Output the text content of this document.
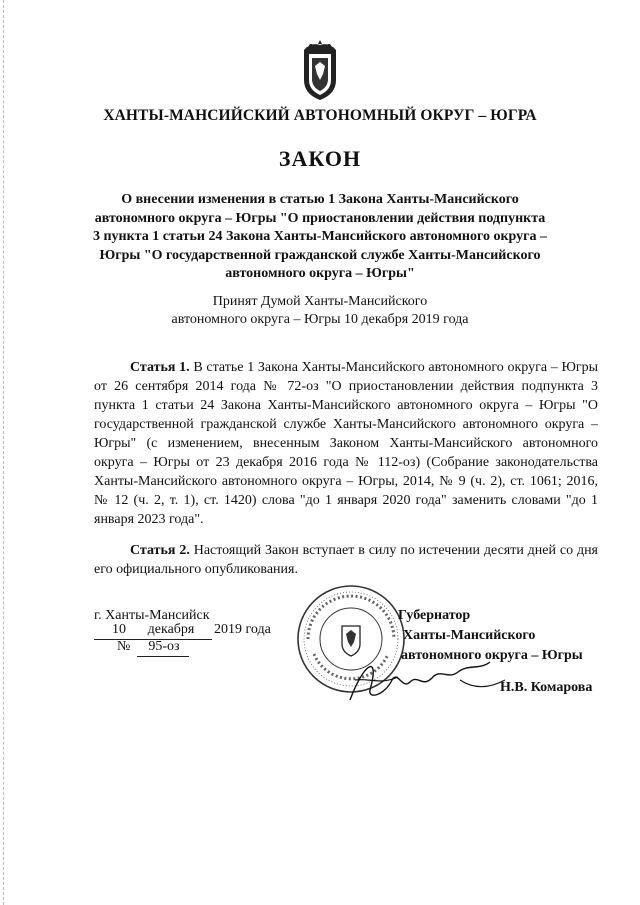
ХАНТЫ-МАНСИЙСКИЙ АВТОНОМНЫЙ ОКРУГ – ЮГРА
ЗАКОН
О внесении изменения в статью 1 Закона Ханты-Мансийского автономного округа – Югры "О приостановлении действия подпункта 3 пункта 1 статьи 24 Закона Ханты-Мансийского автономного округа – Югры "О государственной гражданской службе Ханты-Мансийского автономного округа – Югры"
Принят Думой Ханты-Мансийского
автономного округа – Югры 10 декабря 2019 года

Статья 1. В статье 1 Закона Ханты-Мансийского автономного округа – Югры от 26 сентября 2014 года № 72-оз "О приостановлении действия подпункта 3 пункта 1 статьи 24 Закона Ханты-Мансийского автономного округа – Югры "О государственной гражданской службе Ханты-Мансийского автономного округа – Югры" (с изменением, внесенным Законом Ханты-Мансийского автономного округа – Югры от 23 декабря 2016 года № 112-оз) (Собрание законодательства Ханты-Мансийского автономного округа – Югры, 2014, № 9 (ч. 2), ст. 1061; 2016, № 12 (ч. 2, т. 1), ст. 1420) слова "до 1 января 2020 года" заменить словами "до 1 января 2023 года".

Статья 2. Настоящий Закон вступает в силу по истечении десяти дней со дня его официального опубликования.

г. Ханты-Мансийск
10	декабря	2019 года
№	95-оз
Губернатор
Ханты-Мансийского
автономного округа – Югры
Н.В. Комарова
